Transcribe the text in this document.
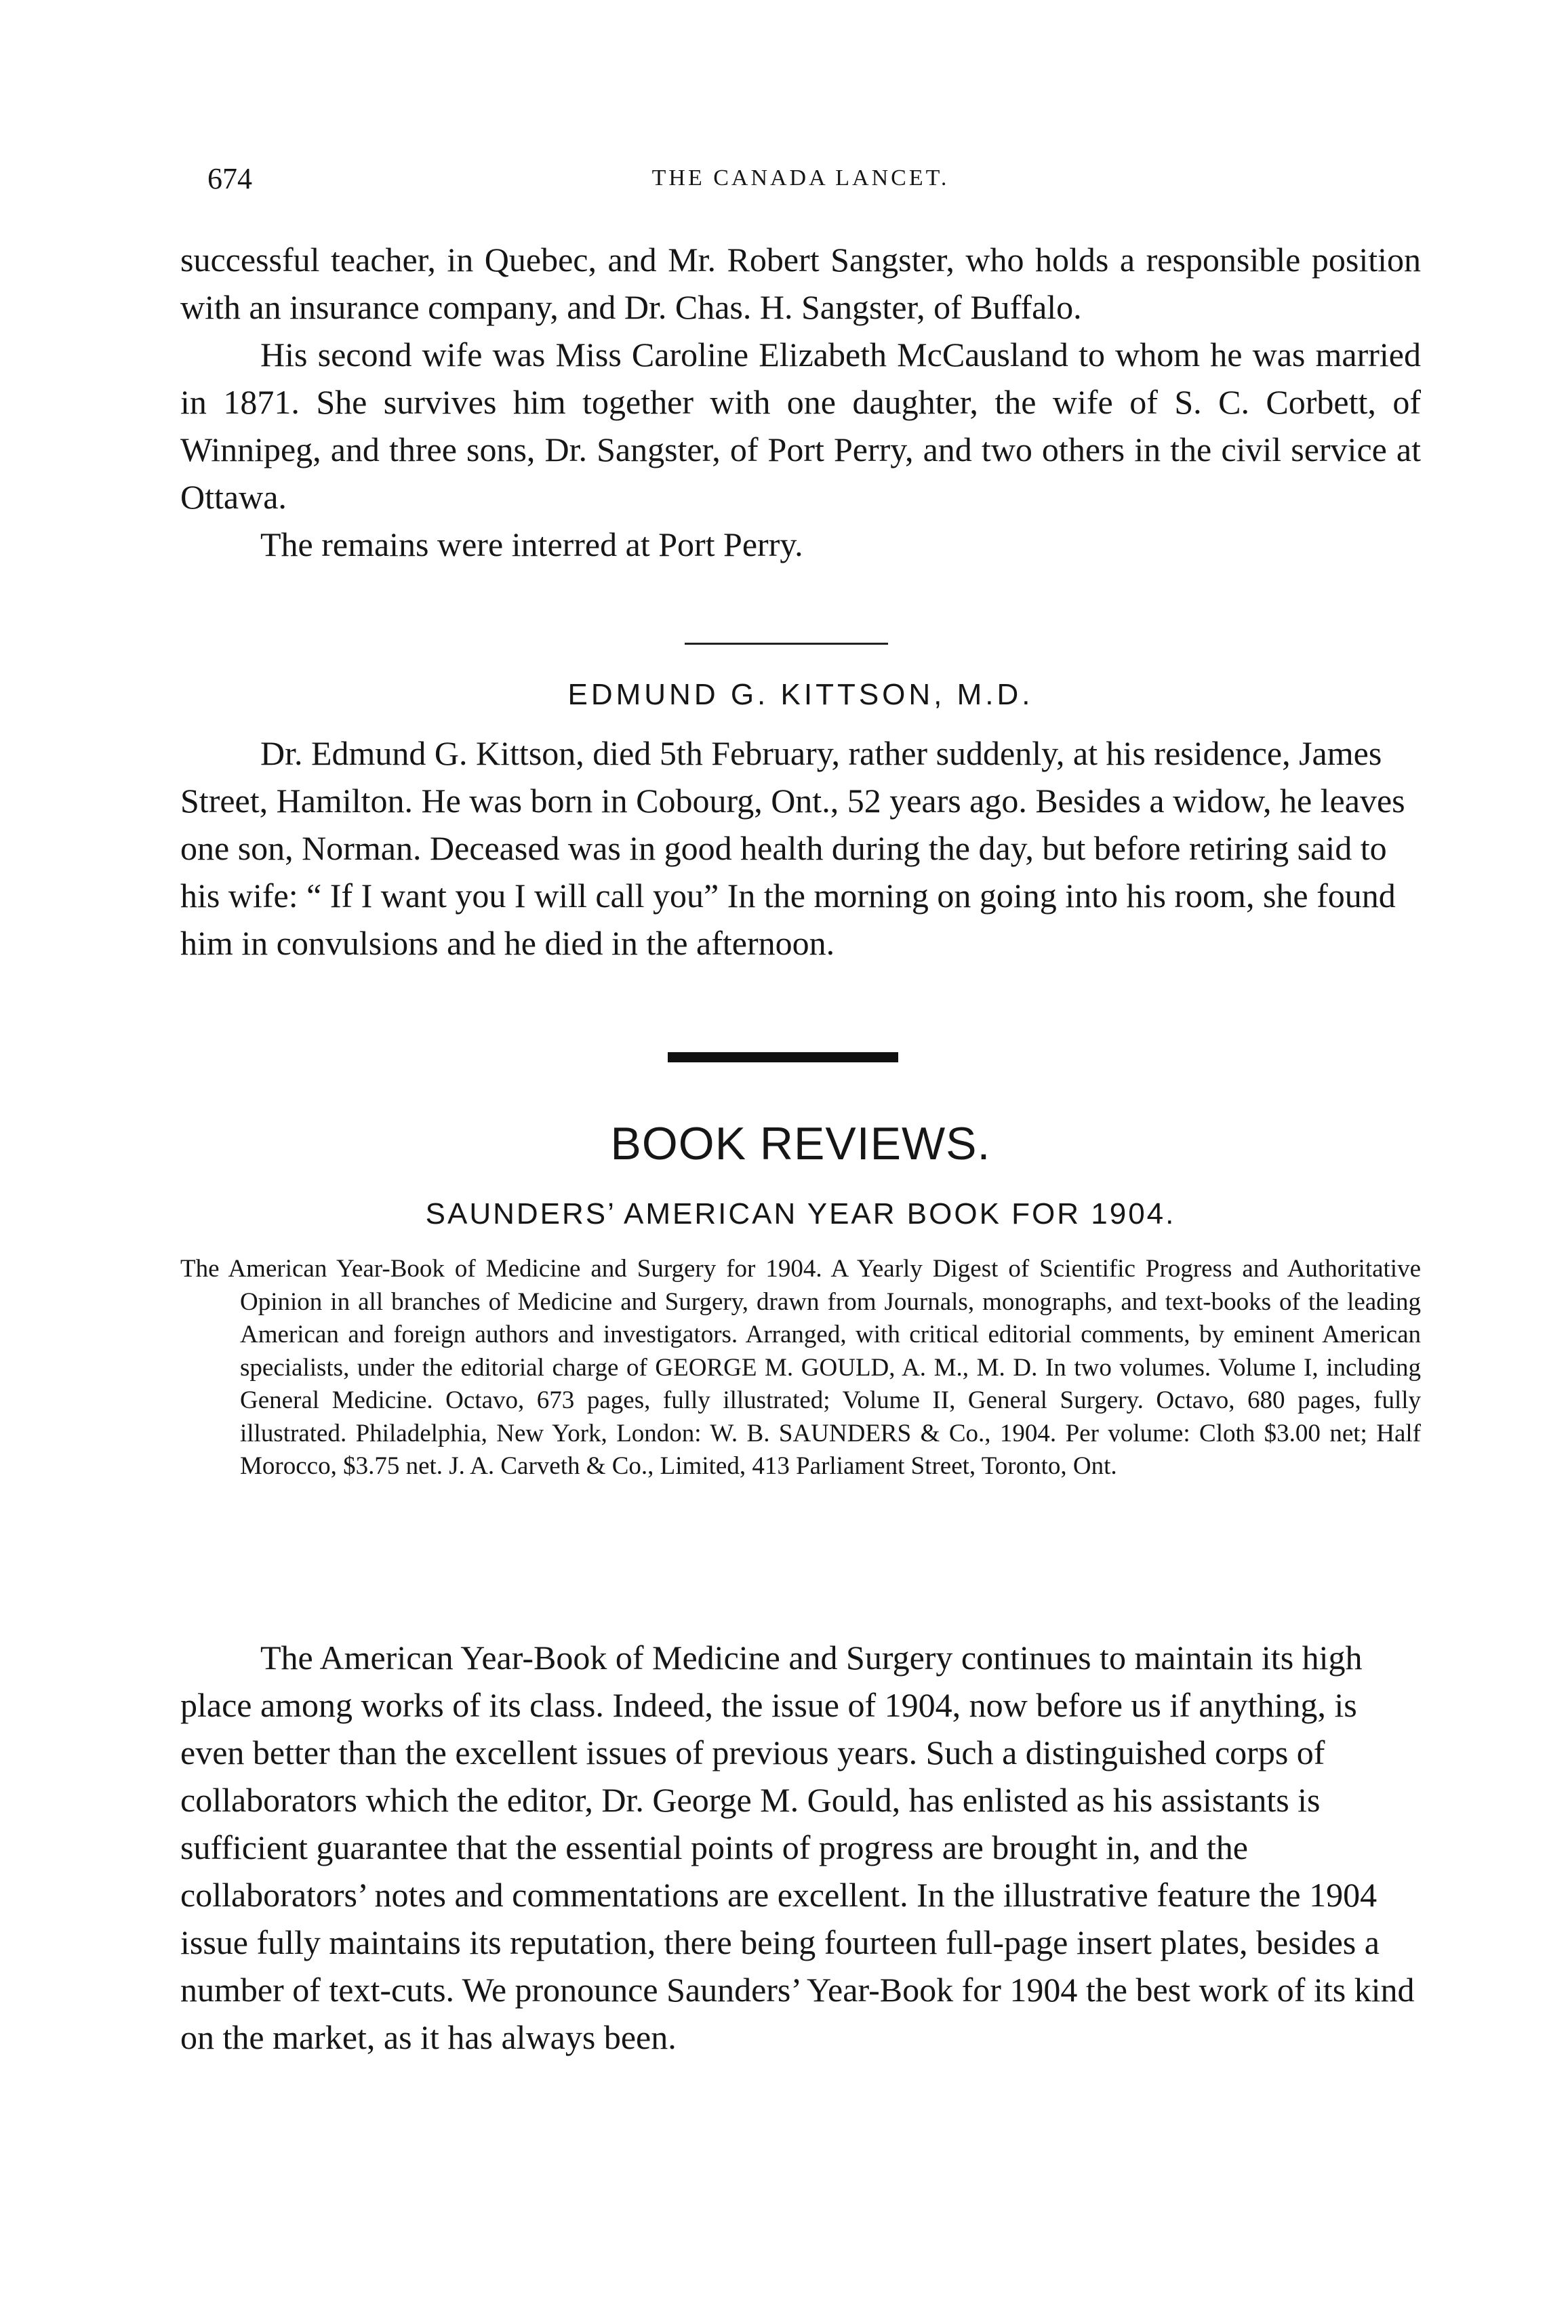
674	THE CANADA LANCET.

successful teacher, in Quebec, and Mr. Robert Sangster, who holds a responsible position with an insurance company, and Dr. Chas. H. Sangster, of Buffalo.

His second wife was Miss Caroline Elizabeth McCausland to whom he was married in 1871. She survives him together with one daughter, the wife of S. C. Corbett, of Winnipeg, and three sons, Dr. Sangster, of Port Perry, and two others in the civil service at Ottawa.

The remains were interred at Port Perry.

EDMUND G. KITTSON, M.D.

Dr. Edmund G. Kittson, died 5th February, rather suddenly, at his residence, James Street, Hamilton. He was born in Cobourg, Ont., 52 years ago. Besides a widow, he leaves one son, Norman. Deceased was in good health during the day, but before retiring said to his wife: “ If I want you I will call you” In the morning on going into his room, she found him in convulsions and he died in the afternoon.

BOOK REVIEWS.
SAUNDERS’ AMERICAN YEAR BOOK FOR 1904.

The American Year-Book of Medicine and Surgery for 1904. A Yearly Digest of Scientific Progress and Authoritative Opinion in all branches of Medicine and Surgery, drawn from Journals, monographs, and text-books of the leading American and foreign authors and investigators. Arranged, with critical editorial comments, by eminent American specialists, under the editorial charge of GEORGE M. GOULD, A. M., M. D. In two volumes. Volume I, including General Medicine. Octavo, 673 pages, fully illustrated; Volume II, General Surgery. Octavo, 680 pages, fully illustrated. Philadelphia, New York, London: W. B. SAUNDERS & Co., 1904. Per volume: Cloth $3.00 net; Half Morocco, $3.75 net. J. A. Carveth & Co., Limited, 413 Parliament Street, Toronto, Ont.

The American Year-Book of Medicine and Surgery continues to maintain its high place among works of its class. Indeed, the issue of 1904, now before us if anything, is even better than the excellent issues of previous years. Such a distinguished corps of collaborators which the editor, Dr. George M. Gould, has enlisted as his assistants is sufficient guarantee that the essential points of progress are brought in, and the collaborators’ notes and commentations are excellent. In the illustrative feature the 1904 issue fully maintains its reputation, there being fourteen full-page insert plates, besides a number of text-cuts. We pronounce Saunders’ Year-Book for 1904 the best work of its kind on the market, as it has always been.
